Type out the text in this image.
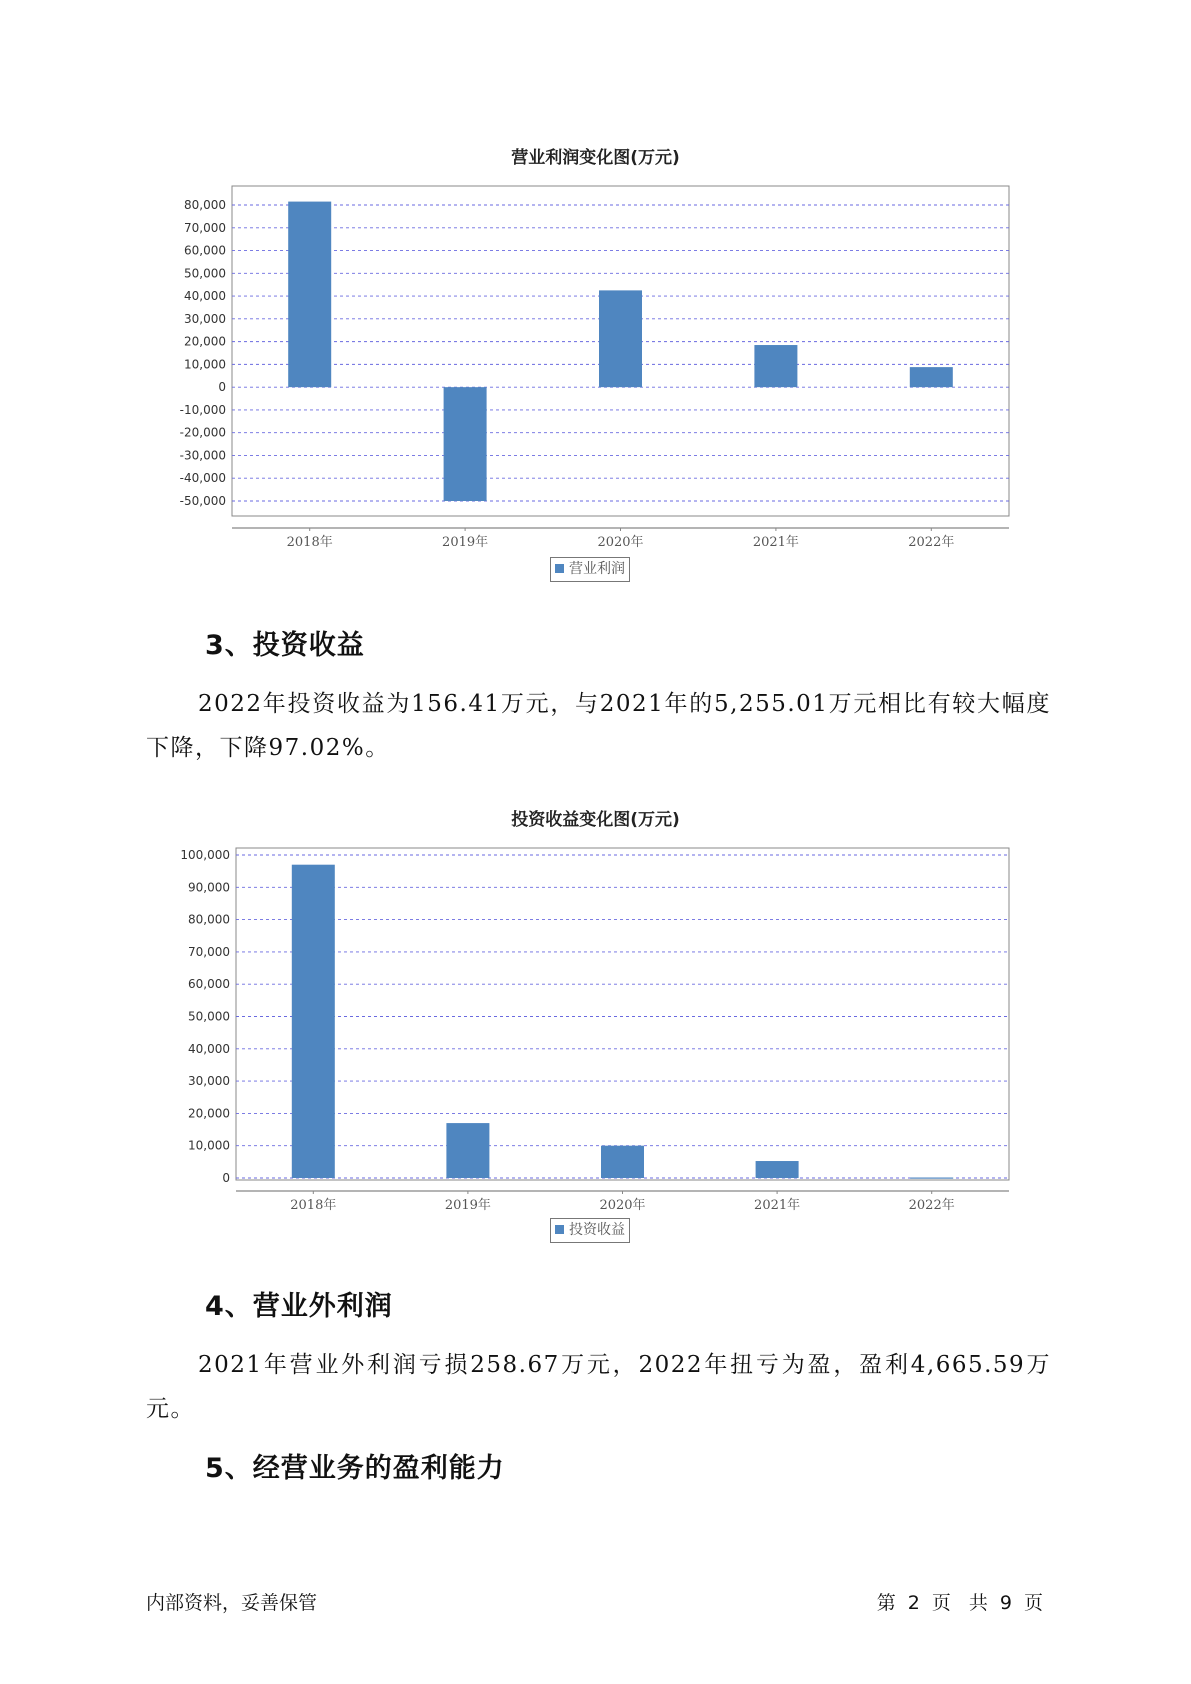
营业利润变化图(万元)
80,000
70,000
60,000
50,000
40,000
30,000
20,000
10,000
0
-10,000
-20,000
-30,000
-40,000
-50,000
2018年	2019年	2020年	2021年	2022年
营业利润
3、投资收益
2022年投资收益为156.41万元，与2021年的5,255.01万元相比有较大幅度下降，下降97.02%。
投资收益变化图(万元)
100,000
90,000
80,000
70,000
60,000
50,000
40,000
30,000
20,000
10,000
0
2018年	2019年	2020年	2021年	2022年
投资收益
4、营业外利润
2021年营业外利润亏损258.67万元，2022年扭亏为盈，盈利4,665.59万元。
5、经营业务的盈利能力
内部资料，妥善保管	第 2 页 共 9 页
